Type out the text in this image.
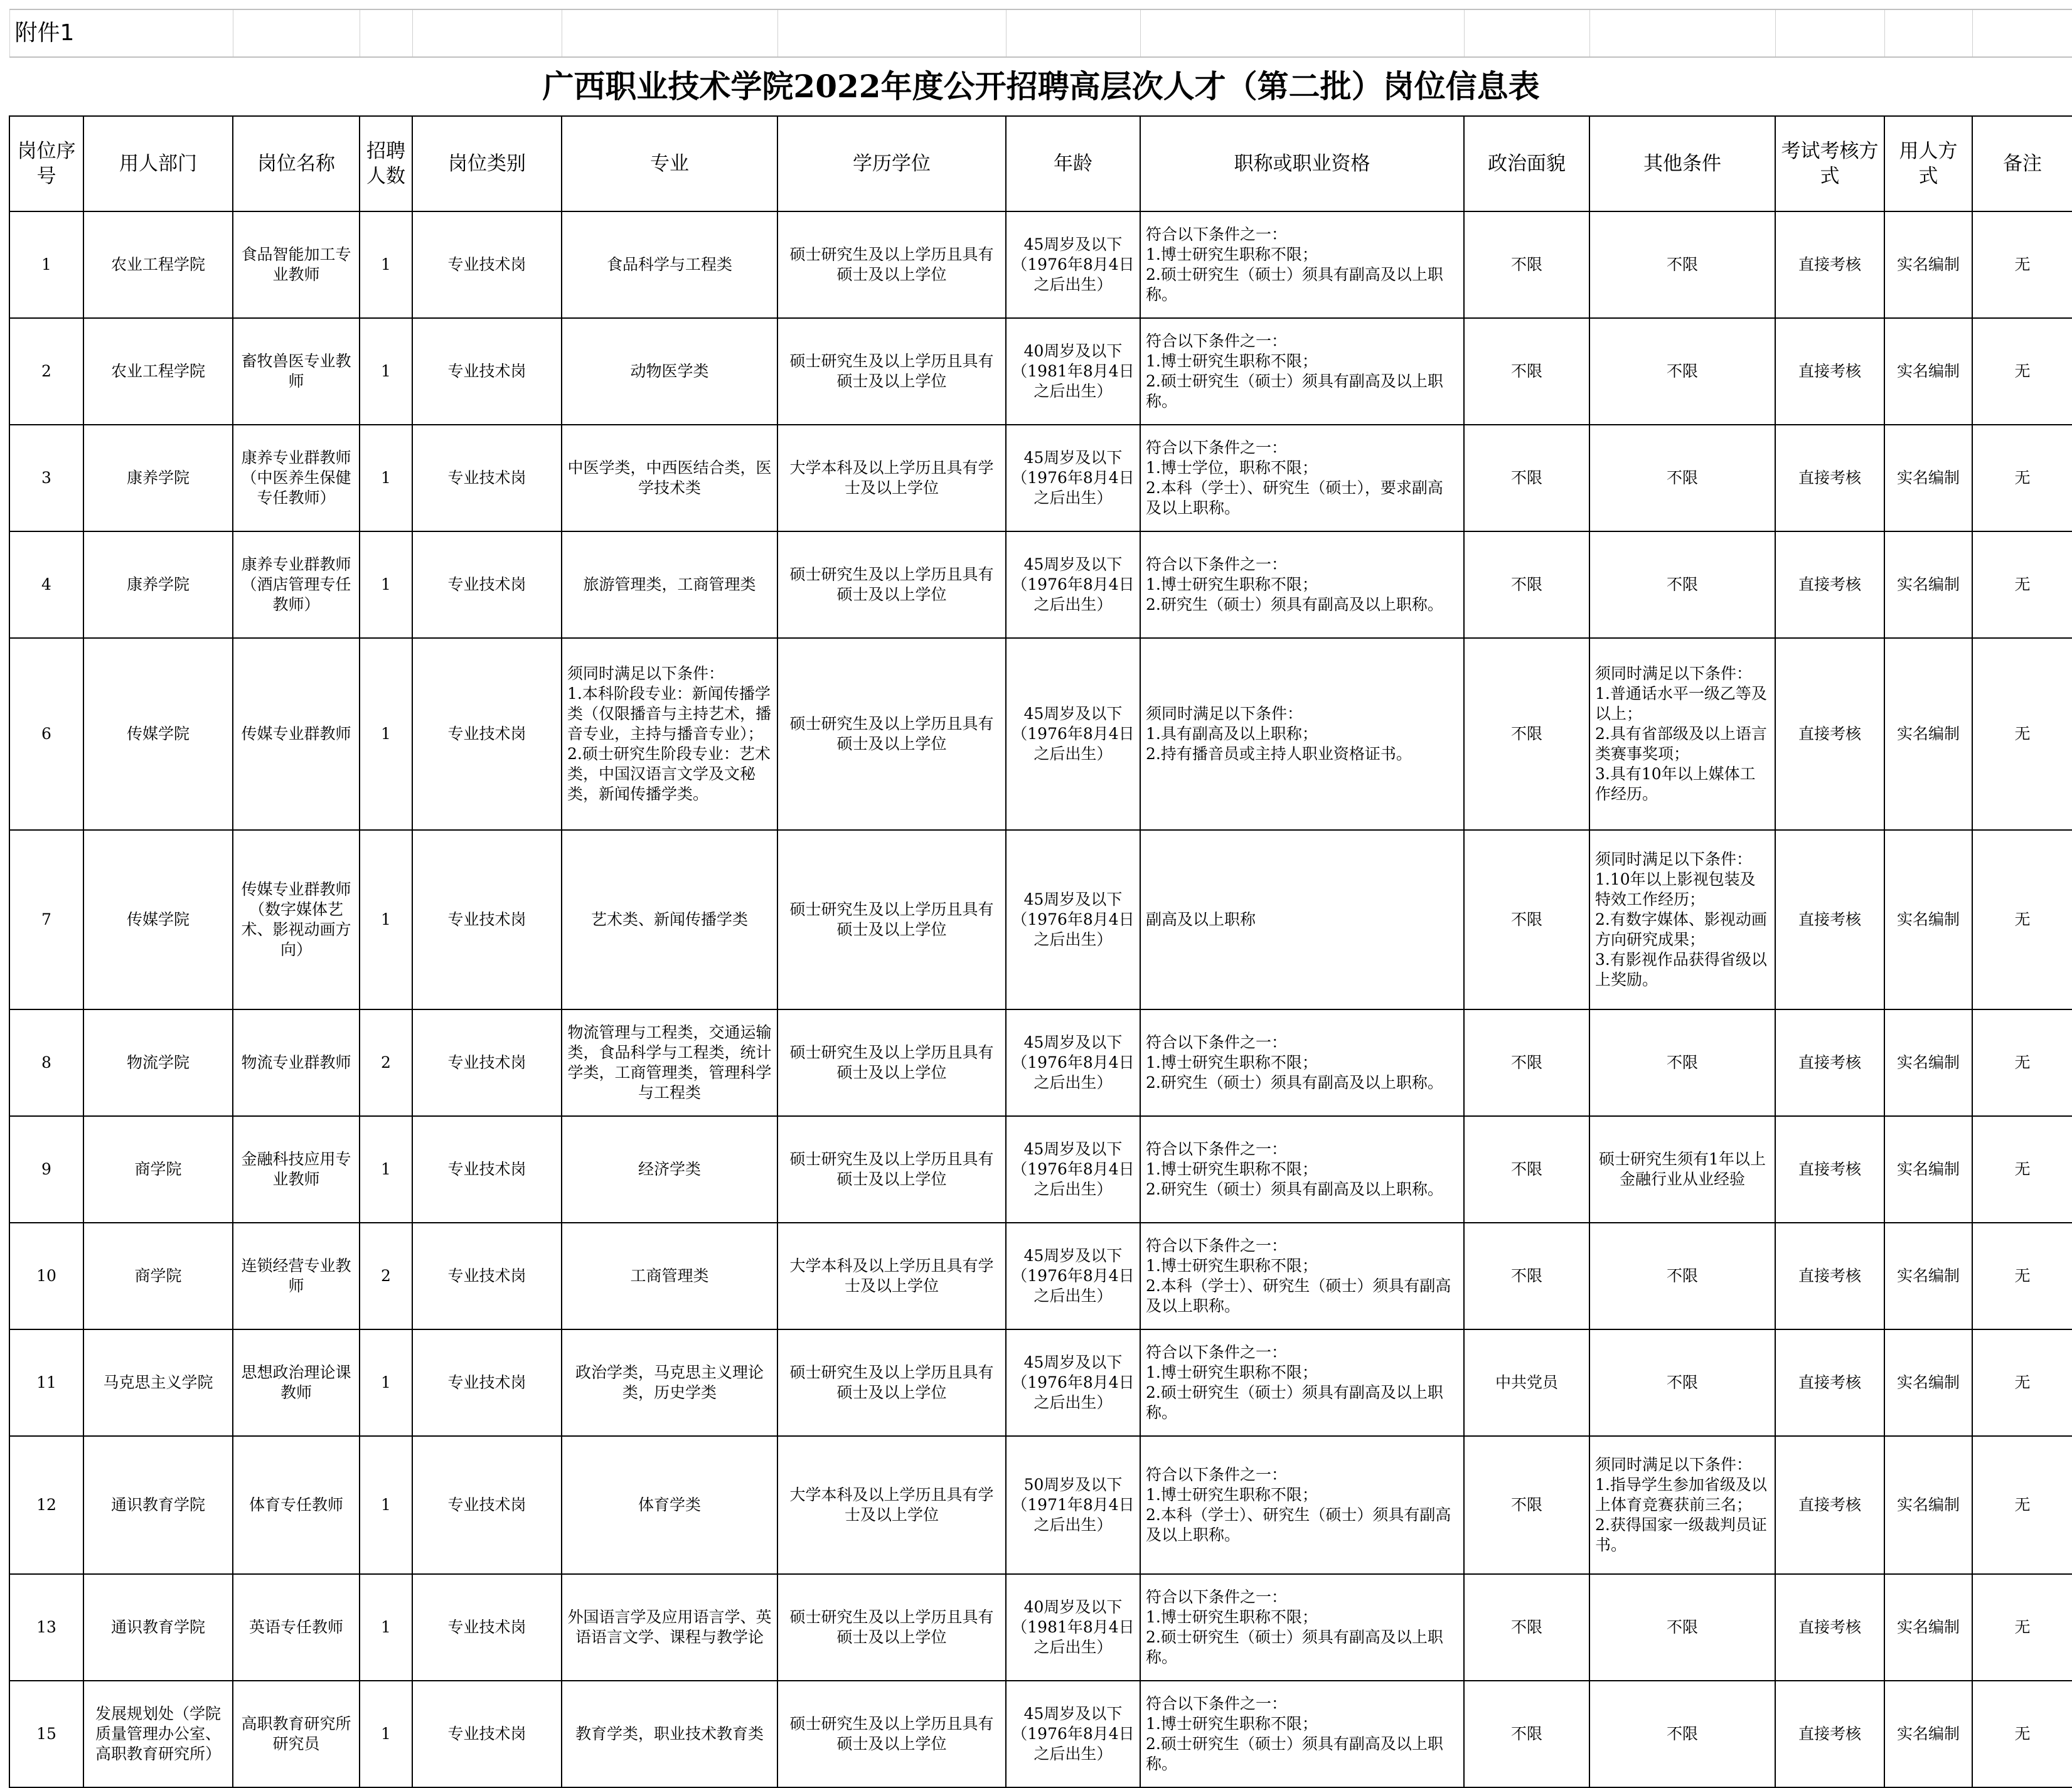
附件1													
广西职业技术学院2022年度公开招聘高层次人才（第二批）岗位信息表													
岗位序号	用人部门	岗位名称	招聘人数	岗位类别	专业	学历学位	年龄	职称或职业资格	政治面貌	其他条件	考试考核方式	用人方式	备注
1	农业工程学院	食品智能加工专业教师	1	专业技术岗	食品科学与工程类	硕士研究生及以上学历且具有硕士及以上学位	45周岁及以下（1976年8月4日之后出生）	符合以下条件之一：
1.博士研究生职称不限；
2.硕士研究生（硕士）须具有副高及以上职称。	不限	不限	直接考核	实名编制	无
2	农业工程学院	畜牧兽医专业教师	1	专业技术岗	动物医学类	硕士研究生及以上学历且具有硕士及以上学位	40周岁及以下（1981年8月4日之后出生）	符合以下条件之一：
1.博士研究生职称不限；
2.硕士研究生（硕士）须具有副高及以上职称。	不限	不限	直接考核	实名编制	无
3	康养学院	康养专业群教师（中医养生保健专任教师）	1	专业技术岗	中医学类，中西医结合类，医学技术类	大学本科及以上学历且具有学士及以上学位	45周岁及以下（1976年8月4日之后出生）	符合以下条件之一：
1.博士学位，职称不限；
2.本科（学士）、研究生（硕士），要求副高及以上职称。	不限	不限	直接考核	实名编制	无
4	康养学院	康养专业群教师（酒店管理专任教师）	1	专业技术岗	旅游管理类，工商管理类	硕士研究生及以上学历且具有硕士及以上学位	45周岁及以下（1976年8月4日之后出生）	符合以下条件之一：
1.博士研究生职称不限；
2.研究生（硕士）须具有副高及以上职称。	不限	不限	直接考核	实名编制	无
6	传媒学院	传媒专业群教师	1	专业技术岗	须同时满足以下条件：
1.本科阶段专业：新闻传播学类（仅限播音与主持艺术，播音专业，主持与播音专业）；
2.硕士研究生阶段专业：艺术类，中国汉语言文学及文秘类，新闻传播学类。	硕士研究生及以上学历且具有硕士及以上学位	45周岁及以下（1976年8月4日之后出生）	须同时满足以下条件：
1.具有副高及以上职称；
2.持有播音员或主持人职业资格证书。	不限	须同时满足以下条件：
1.普通话水平一级乙等及以上；
2.具有省部级及以上语言类赛事奖项；
3.具有10年以上媒体工作经历。	直接考核	实名编制	无
7	传媒学院	传媒专业群教师（数字媒体艺术、影视动画方向）	1	专业技术岗	艺术类、新闻传播学类	硕士研究生及以上学历且具有硕士及以上学位	45周岁及以下（1976年8月4日之后出生）	副高及以上职称	不限	须同时满足以下条件：
1.10年以上影视包装及特效工作经历；
2.有数字媒体、影视动画方向研究成果；
3.有影视作品获得省级以上奖励。	直接考核	实名编制	无
8	物流学院	物流专业群教师	2	专业技术岗	物流管理与工程类，交通运输类，食品科学与工程类，统计学类，工商管理类，管理科学与工程类	硕士研究生及以上学历且具有硕士及以上学位	45周岁及以下（1976年8月4日之后出生）	符合以下条件之一：
1.博士研究生职称不限；
2.研究生（硕士）须具有副高及以上职称。	不限	不限	直接考核	实名编制	无
9	商学院	金融科技应用专业教师	1	专业技术岗	经济学类	硕士研究生及以上学历且具有硕士及以上学位	45周岁及以下（1976年8月4日之后出生）	符合以下条件之一：
1.博士研究生职称不限；
2.研究生（硕士）须具有副高及以上职称。	不限	硕士研究生须有1年以上金融行业从业经验	直接考核	实名编制	无
10	商学院	连锁经营专业教师	2	专业技术岗	工商管理类	大学本科及以上学历且具有学士及以上学位	45周岁及以下（1976年8月4日之后出生）	符合以下条件之一：
1.博士研究生职称不限；
2.本科（学士）、研究生（硕士）须具有副高及以上职称。	不限	不限	直接考核	实名编制	无
11	马克思主义学院	思想政治理论课教师	1	专业技术岗	政治学类，马克思主义理论类，历史学类	硕士研究生及以上学历且具有硕士及以上学位	45周岁及以下（1976年8月4日之后出生）	符合以下条件之一：
1.博士研究生职称不限；
2.硕士研究生（硕士）须具有副高及以上职称。	中共党员	不限	直接考核	实名编制	无
12	通识教育学院	体育专任教师	1	专业技术岗	体育学类	大学本科及以上学历且具有学士及以上学位	50周岁及以下（1971年8月4日之后出生）	符合以下条件之一：
1.博士研究生职称不限；
2.本科（学士）、研究生（硕士）须具有副高及以上职称。	不限	须同时满足以下条件：
1.指导学生参加省级及以上体育竞赛获前三名；
2.获得国家一级裁判员证书。	直接考核	实名编制	无
13	通识教育学院	英语专任教师	1	专业技术岗	外国语言学及应用语言学、英语语言文学、课程与教学论	硕士研究生及以上学历且具有硕士及以上学位	40周岁及以下（1981年8月4日之后出生）	符合以下条件之一：
1.博士研究生职称不限；
2.硕士研究生（硕士）须具有副高及以上职称。	不限	不限	直接考核	实名编制	无
15	发展规划处（学院质量管理办公室、高职教育研究所）	高职教育研究所研究员	1	专业技术岗	教育学类，职业技术教育类	硕士研究生及以上学历且具有硕士及以上学位	45周岁及以下（1976年8月4日之后出生）	符合以下条件之一：
1.博士研究生职称不限；
2.硕士研究生（硕士）须具有副高及以上职称。	不限	不限	直接考核	实名编制	无
